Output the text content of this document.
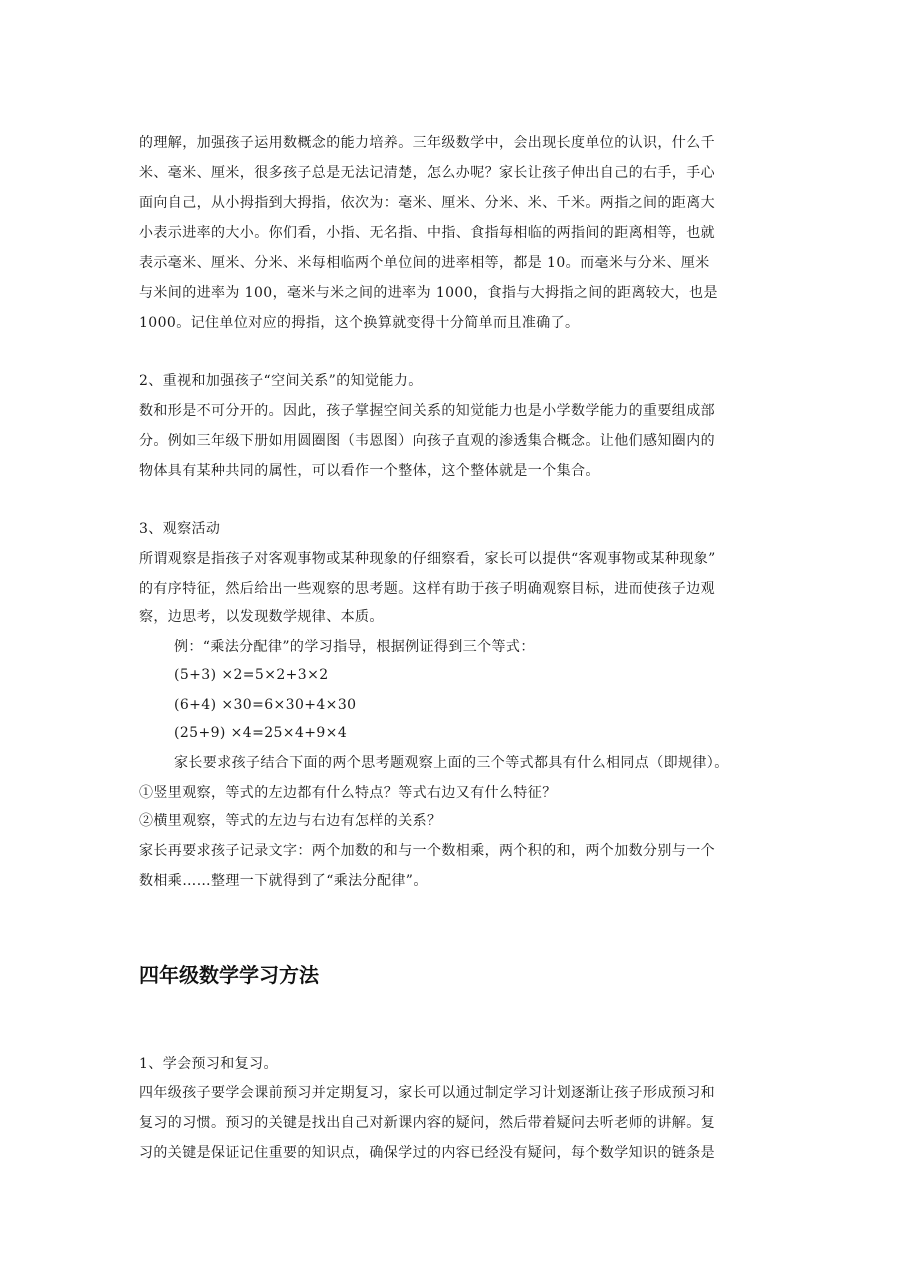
的理解，加强孩子运用数概念的能力培养。三年级数学中，会出现长度单位的认识，什么千
米、毫米、厘米，很多孩子总是无法记清楚，怎么办呢？家长让孩子伸出自己的右手，手心
面向自己，从小拇指到大拇指，依次为：毫米、厘米、分米、米、千米。两指之间的距离大
小表示进率的大小。你们看，小指、无名指、中指、食指每相临的两指间的距离相等，也就
表示毫米、厘米、分米、米每相临两个单位间的进率相等，都是 10。而毫米与分米、厘米
与米间的进率为 100，毫米与米之间的进率为 1000，食指与大拇指之间的距离较大，也是
1000。记住单位对应的拇指，这个换算就变得十分简单而且准确了。
2、重视和加强孩子“空间关系”的知觉能力。
数和形是不可分开的。因此，孩子掌握空间关系的知觉能力也是小学数学能力的重要组成部
分。例如三年级下册如用圆圈图（韦恩图）向孩子直观的渗透集合概念。让他们感知圈内的
物体具有某种共同的属性，可以看作一个整体，这个整体就是一个集合。
3、观察活动
所谓观察是指孩子对客观事物或某种现象的仔细察看，家长可以提供“客观事物或某种现象”
的有序特征，然后给出一些观察的思考题。这样有助于孩子明确观察目标，进而使孩子边观
察，边思考，以发现数学规律、本质。
例：“乘法分配律”的学习指导，根据例证得到三个等式：
(5+3) ×2=5×2+3×2
(6+4) ×30=6×30+4×30
(25+9) ×4=25×4+9×4
家长要求孩子结合下面的两个思考题观察上面的三个等式都具有什么相同点（即规律）。
①竖里观察，等式的左边都有什么特点？等式右边又有什么特征？
②横里观察，等式的左边与右边有怎样的关系？
家长再要求孩子记录文字：两个加数的和与一个数相乘，两个积的和，两个加数分别与一个
数相乘……整理一下就得到了“乘法分配律”。
四年级数学学习方法
1、学会预习和复习。
四年级孩子要学会课前预习并定期复习，家长可以通过制定学习计划逐渐让孩子形成预习和
复习的习惯。预习的关键是找出自己对新课内容的疑问，然后带着疑问去听老师的讲解。复
习的关键是保证记住重要的知识点，确保学过的内容已经没有疑问，每个数学知识的链条是
